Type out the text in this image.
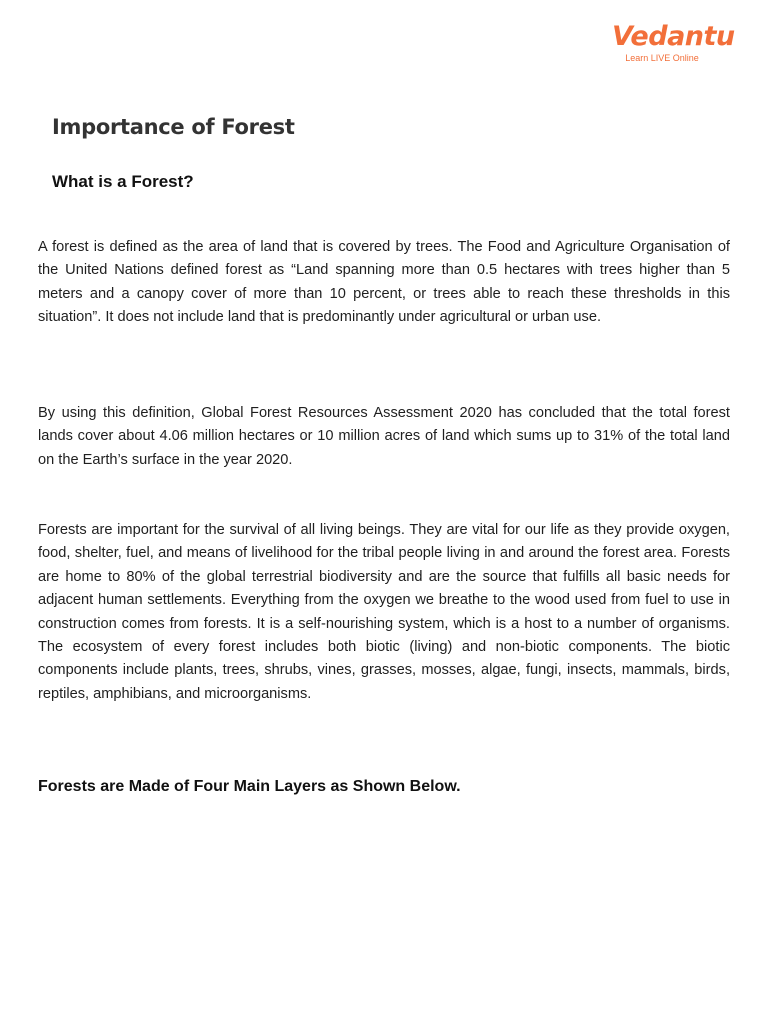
Vedantu
Learn LIVE Online
Importance of Forest
What is a Forest?

A forest is defined as the area of land that is covered by trees. The Food and Agriculture Organisation of the United Nations defined forest as “Land spanning more than 0.5 hectares with trees higher than 5 meters and a canopy cover of more than 10 percent, or trees able to reach these thresholds in this situation”. It does not include land that is predominantly under agricultural or urban use.

By using this definition, Global Forest Resources Assessment 2020 has concluded that the total forest lands cover about 4.06 million hectares or 10 million acres of land which sums up to 31% of the total land on the Earth’s surface in the year 2020.

Forests are important for the survival of all living beings. They are vital for our life as they provide oxygen, food, shelter, fuel, and means of livelihood for the tribal people living in and around the forest area. Forests are home to 80% of the global terrestrial biodiversity and are the source that fulfills all basic needs for adjacent human settlements. Everything from the oxygen we breathe to the wood used from fuel to use in construction comes from forests. It is a self-nourishing system, which is a host to a number of organisms. The ecosystem of every forest includes both biotic (living) and non-biotic components. The biotic components include plants, trees, shrubs, vines, grasses, mosses, algae, fungi, insects, mammals, birds, reptiles, amphibians, and microorganisms.

Forests are Made of Four Main Layers as Shown Below.
